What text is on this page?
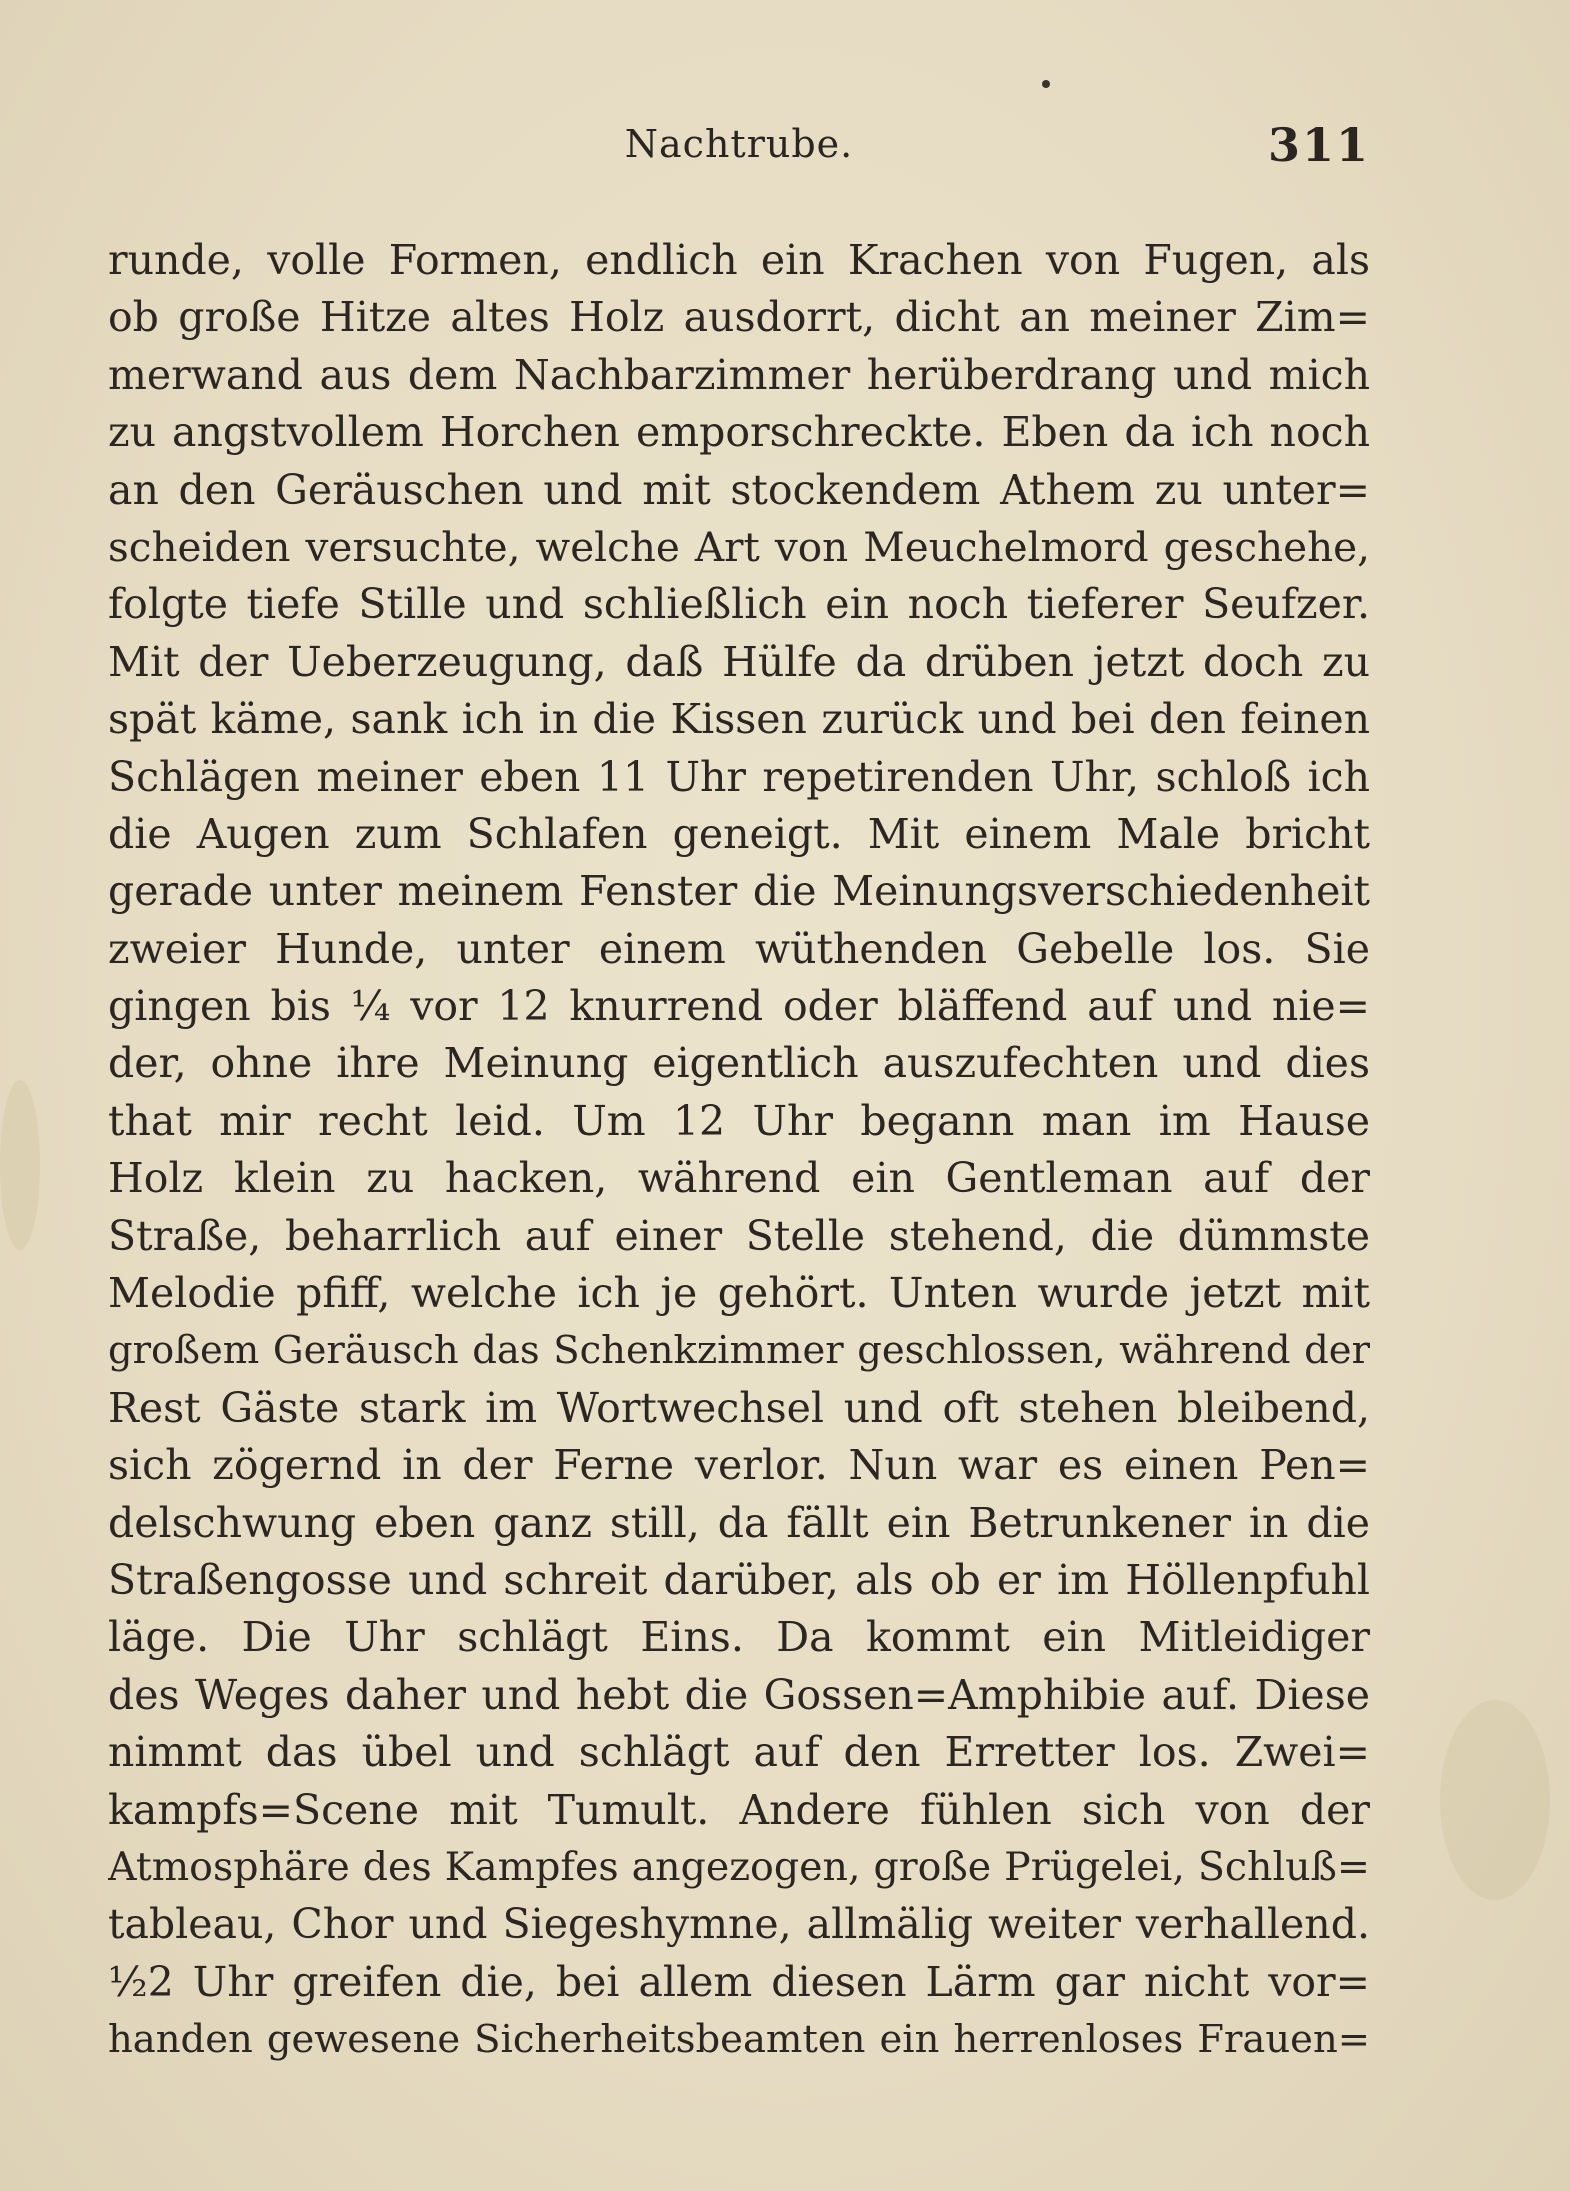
Nachtrube.	311
runde, volle Formen, endlich ein Krachen von Fugen, als
ob große Hitze altes Holz ausdorrt, dicht an meiner Zim=
merwand aus dem Nachbarzimmer herüberdrang und mich
zu angstvollem Horchen emporschreckte. Eben da ich noch
an den Geräuschen und mit stockendem Athem zu unter=
scheiden versuchte, welche Art von Meuchelmord geschehe,
folgte tiefe Stille und schließlich ein noch tieferer Seufzer.
Mit der Ueberzeugung, daß Hülfe da drüben jetzt doch zu
spät käme, sank ich in die Kissen zurück und bei den feinen
Schlägen meiner eben 11 Uhr repetirenden Uhr, schloß ich
die Augen zum Schlafen geneigt. Mit einem Male bricht
gerade unter meinem Fenster die Meinungsverschiedenheit
zweier Hunde, unter einem wüthenden Gebelle los. Sie
gingen bis ¼ vor 12 knurrend oder bläffend auf und nie=
der, ohne ihre Meinung eigentlich auszufechten und dies
that mir recht leid. Um 12 Uhr begann man im Hause
Holz klein zu hacken, während ein Gentleman auf der
Straße, beharrlich auf einer Stelle stehend, die dümmste
Melodie pfiff, welche ich je gehört. Unten wurde jetzt mit
großem Geräusch das Schenkzimmer geschlossen, während der
Rest Gäste stark im Wortwechsel und oft stehen bleibend,
sich zögernd in der Ferne verlor. Nun war es einen Pen=
delschwung eben ganz still, da fällt ein Betrunkener in die
Straßengosse und schreit darüber, als ob er im Höllenpfuhl
läge. Die Uhr schlägt Eins. Da kommt ein Mitleidiger
des Weges daher und hebt die Gossen=Amphibie auf. Diese
nimmt das übel und schlägt auf den Erretter los. Zwei=
kampfs=Scene mit Tumult. Andere fühlen sich von der
Atmosphäre des Kampfes angezogen, große Prügelei, Schluß=
tableau, Chor und Siegeshymne, allmälig weiter verhallend.
½2 Uhr greifen die, bei allem diesen Lärm gar nicht vor=
handen gewesene Sicherheitsbeamten ein herrenloses Frauen=
